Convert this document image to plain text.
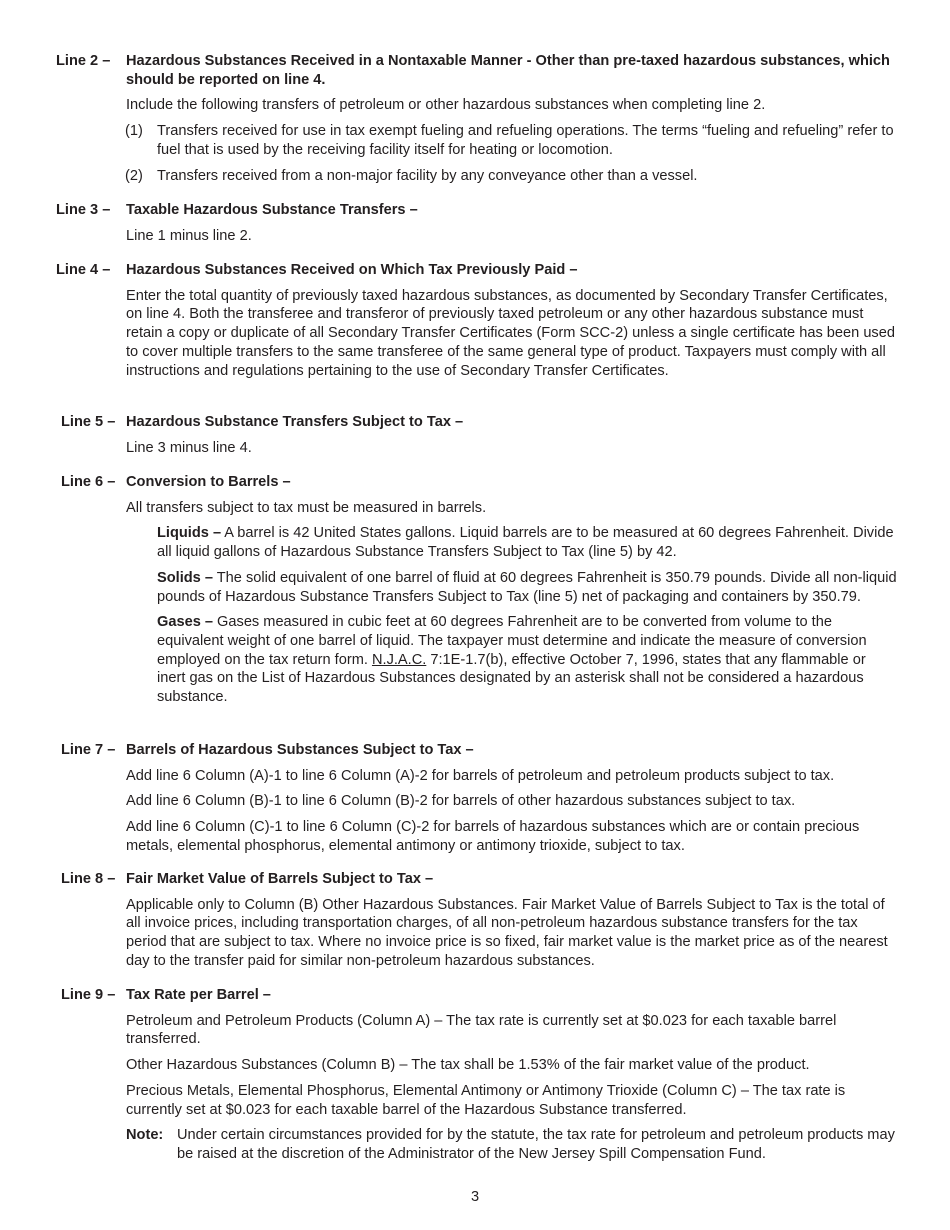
Line 2 – Hazardous Substances Received in a Nontaxable Manner - Other than pre-taxed hazardous substances, which should be reported on line 4.
Include the following transfers of petroleum or other hazardous substances when completing line 2.
(1) Transfers received for use in tax exempt fueling and refueling operations. The terms “fueling and refueling” refer to fuel that is used by the receiving facility itself for heating or locomotion.
(2) Transfers received from a non-major facility by any conveyance other than a vessel.
Line 3 – Taxable Hazardous Substance Transfers –
Line 1 minus line 2.
Line 4 – Hazardous Substances Received on Which Tax Previously Paid –
Enter the total quantity of previously taxed hazardous substances, as documented by Secondary Transfer Certificates, on line 4. Both the transferee and transferor of previously taxed petroleum or any other hazardous substance must retain a copy or duplicate of all Secondary Transfer Certificates (Form SCC-2) unless a single certificate has been used to cover multiple transfers to the same transferee of the same general type of product. Taxpayers must comply with all instructions and regulations pertaining to the use of Secondary Transfer Certificates.
Line 5 – Hazardous Substance Transfers Subject to Tax –
Line 3 minus line 4.
Line 6 – Conversion to Barrels –
All transfers subject to tax must be measured in barrels.
Liquids – A barrel is 42 United States gallons. Liquid barrels are to be measured at 60 degrees Fahrenheit. Divide all liquid gallons of Hazardous Substance Transfers Subject to Tax (line 5) by 42.
Solids – The solid equivalent of one barrel of fluid at 60 degrees Fahrenheit is 350.79 pounds. Divide all non-liquid pounds of Hazardous Substance Transfers Subject to Tax (line 5) net of packaging and containers by 350.79.
Gases – Gases measured in cubic feet at 60 degrees Fahrenheit are to be converted from volume to the equivalent weight of one barrel of liquid. The taxpayer must determine and indicate the measure of conversion employed on the tax return form. N.J.A.C. 7:1E-1.7(b), effective October 7, 1996, states that any flammable or inert gas on the List of Hazardous Substances designated by an asterisk shall not be considered a hazardous substance.
Line 7 – Barrels of Hazardous Substances Subject to Tax –
Add line 6 Column (A)-1 to line 6 Column (A)-2 for barrels of petroleum and petroleum products subject to tax.
Add line 6 Column (B)-1 to line 6 Column (B)-2 for barrels of other hazardous substances subject to tax.
Add line 6 Column (C)-1 to line 6 Column (C)-2 for barrels of hazardous substances which are or contain precious metals, elemental phosphorus, elemental antimony or antimony trioxide, subject to tax.
Line 8 – Fair Market Value of Barrels Subject to Tax –
Applicable only to Column (B) Other Hazardous Substances. Fair Market Value of Barrels Subject to Tax is the total of all invoice prices, including transportation charges, of all non-petroleum hazardous substance transfers for the tax period that are subject to tax. Where no invoice price is so fixed, fair market value is the market price as of the nearest day to the transfer paid for similar non-petroleum hazardous substances.
Line 9 – Tax Rate per Barrel –
Petroleum and Petroleum Products (Column A) – The tax rate is currently set at $0.023 for each taxable barrel transferred.
Other Hazardous Substances (Column B) – The tax shall be 1.53% of the fair market value of the product.
Precious Metals, Elemental Phosphorus, Elemental Antimony or Antimony Trioxide (Column C) – The tax rate is currently set at $0.023 for each taxable barrel of the Hazardous Substance transferred.
Note: Under certain circumstances provided for by the statute, the tax rate for petroleum and petroleum products may be raised at the discretion of the Administrator of the New Jersey Spill Compensation Fund.
3
